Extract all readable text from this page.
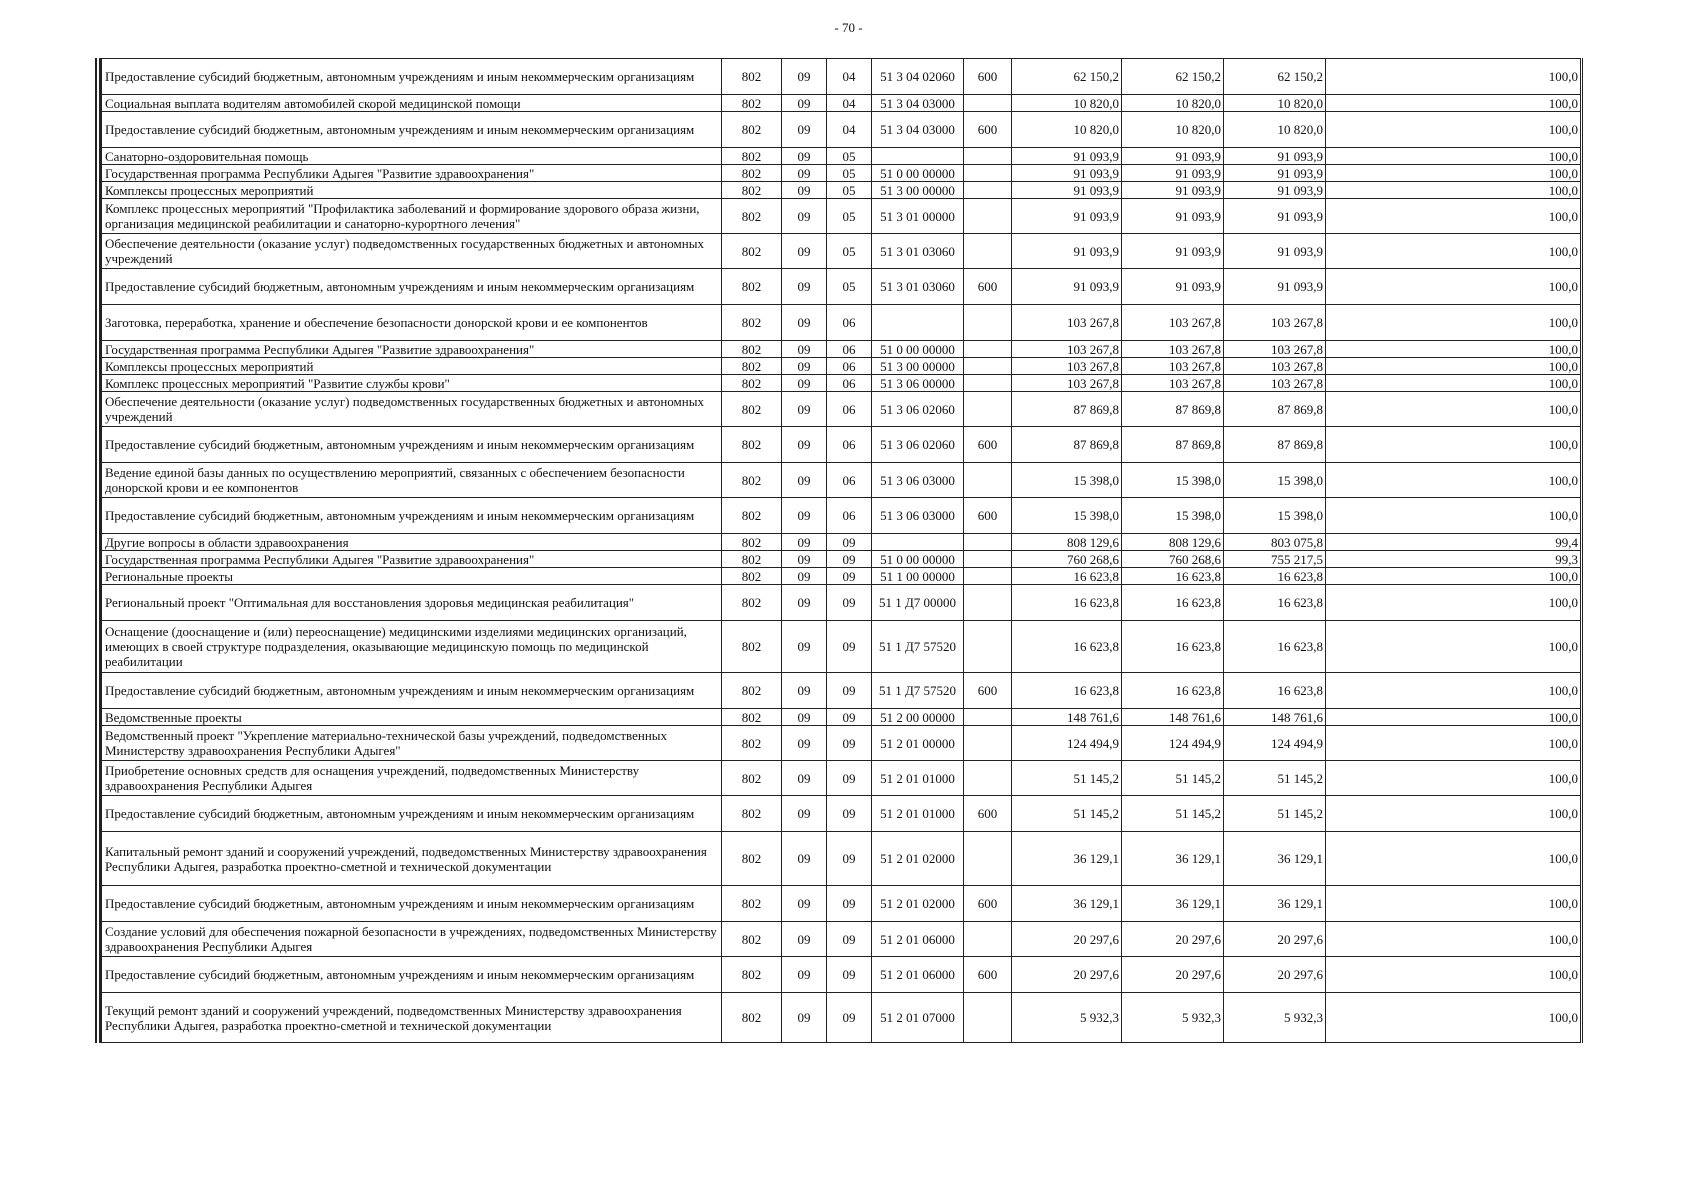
- 70 -
Предоставление субсидий бюджетным, автономным учреждениям и иным некоммерческим организациям	802	09	04	51 3 04 02060	600	62 150,2	62 150,2	62 150,2	100,0
Социальная выплата водителям автомобилей скорой медицинской помощи	802	09	04	51 3 04 03000		10 820,0	10 820,0	10 820,0	100,0
Предоставление субсидий бюджетным, автономным учреждениям и иным некоммерческим организациям	802	09	04	51 3 04 03000	600	10 820,0	10 820,0	10 820,0	100,0
Санаторно-оздоровительная помощь	802	09	05			91 093,9	91 093,9	91 093,9	100,0
Государственная программа Республики Адыгея "Развитие здравоохранения"	802	09	05	51 0 00 00000		91 093,9	91 093,9	91 093,9	100,0
Комплексы процессных мероприятий	802	09	05	51 3 00 00000		91 093,9	91 093,9	91 093,9	100,0
Комплекс процессных мероприятий "Профилактика заболеваний и формирование здорового образа жизни, организация медицинской реабилитации и санаторно-курортного лечения"	802	09	05	51 3 01 00000		91 093,9	91 093,9	91 093,9	100,0
Обеспечение деятельности (оказание услуг) подведомственных государственных бюджетных и автономных учреждений	802	09	05	51 3 01 03060		91 093,9	91 093,9	91 093,9	100,0
Предоставление субсидий бюджетным, автономным учреждениям и иным некоммерческим организациям	802	09	05	51 3 01 03060	600	91 093,9	91 093,9	91 093,9	100,0
Заготовка, переработка, хранение и обеспечение безопасности донорской крови и ее компонентов	802	09	06			103 267,8	103 267,8	103 267,8	100,0
Государственная программа Республики Адыгея "Развитие здравоохранения"	802	09	06	51 0 00 00000		103 267,8	103 267,8	103 267,8	100,0
Комплексы процессных мероприятий	802	09	06	51 3 00 00000		103 267,8	103 267,8	103 267,8	100,0
Комплекс процессных мероприятий "Развитие службы крови"	802	09	06	51 3 06 00000		103 267,8	103 267,8	103 267,8	100,0
Обеспечение деятельности (оказание услуг) подведомственных государственных бюджетных и автономных учреждений	802	09	06	51 3 06 02060		87 869,8	87 869,8	87 869,8	100,0
Предоставление субсидий бюджетным, автономным учреждениям и иным некоммерческим организациям	802	09	06	51 3 06 02060	600	87 869,8	87 869,8	87 869,8	100,0
Ведение единой базы данных по осуществлению мероприятий, связанных с обеспечением безопасности донорской крови и ее компонентов	802	09	06	51 3 06 03000		15 398,0	15 398,0	15 398,0	100,0
Предоставление субсидий бюджетным, автономным учреждениям и иным некоммерческим организациям	802	09	06	51 3 06 03000	600	15 398,0	15 398,0	15 398,0	100,0
Другие вопросы в области здравоохранения	802	09	09			808 129,6	808 129,6	803 075,8	99,4
Государственная программа Республики Адыгея "Развитие здравоохранения"	802	09	09	51 0 00 00000		760 268,6	760 268,6	755 217,5	99,3
Региональные проекты	802	09	09	51 1 00 00000		16 623,8	16 623,8	16 623,8	100,0
Региональный проект "Оптимальная для восстановления здоровья медицинская реабилитация"	802	09	09	51 1 Д7 00000		16 623,8	16 623,8	16 623,8	100,0
Оснащение (дооснащение и (или) переоснащение) медицинскими изделиями медицинских организаций, имеющих в своей структуре подразделения, оказывающие медицинскую помощь по медицинской реабилитации	802	09	09	51 1 Д7 57520		16 623,8	16 623,8	16 623,8	100,0
Предоставление субсидий бюджетным, автономным учреждениям и иным некоммерческим организациям	802	09	09	51 1 Д7 57520	600	16 623,8	16 623,8	16 623,8	100,0
Ведомственные проекты	802	09	09	51 2 00 00000		148 761,6	148 761,6	148 761,6	100,0
Ведомственный проект "Укрепление материально-технической базы учреждений, подведомственных Министерству здравоохранения Республики Адыгея"	802	09	09	51 2 01 00000		124 494,9	124 494,9	124 494,9	100,0
Приобретение основных средств для оснащения учреждений, подведомственных Министерству здравоохранения Республики Адыгея	802	09	09	51 2 01 01000		51 145,2	51 145,2	51 145,2	100,0
Предоставление субсидий бюджетным, автономным учреждениям и иным некоммерческим организациям	802	09	09	51 2 01 01000	600	51 145,2	51 145,2	51 145,2	100,0
Капитальный ремонт зданий и сооружений учреждений, подведомственных Министерству здравоохранения Республики Адыгея, разработка проектно-сметной и технической документации	802	09	09	51 2 01 02000		36 129,1	36 129,1	36 129,1	100,0
Предоставление субсидий бюджетным, автономным учреждениям и иным некоммерческим организациям	802	09	09	51 2 01 02000	600	36 129,1	36 129,1	36 129,1	100,0
Создание условий для обеспечения пожарной безопасности в учреждениях, подведомственных Министерству здравоохранения Республики Адыгея	802	09	09	51 2 01 06000		20 297,6	20 297,6	20 297,6	100,0
Предоставление субсидий бюджетным, автономным учреждениям и иным некоммерческим организациям	802	09	09	51 2 01 06000	600	20 297,6	20 297,6	20 297,6	100,0
Текущий ремонт зданий и сооружений учреждений, подведомственных Министерству здравоохранения Республики Адыгея, разработка проектно-сметной и технической документации	802	09	09	51 2 01 07000		5 932,3	5 932,3	5 932,3	100,0
